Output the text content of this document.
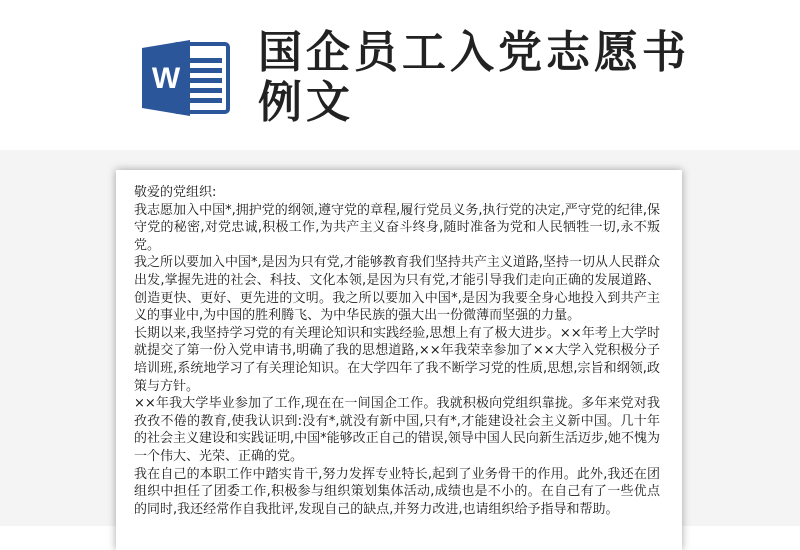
W
国企员工入党志愿书例文

敬爱的党组织:

我志愿加入中国*,拥护党的纲领,遵守党的章程,履行党员义务,执行党的决定,严守党的纪律,保守党的秘密,对党忠诚,积极工作,为共产主义奋斗终身,随时准备为党和人民牺牲一切,永不叛党。

我之所以要加入中国*,是因为只有党,才能够教育我们坚持共产主义道路,坚持一切从人民群众出发,掌握先进的社会、科技、文化本领,是因为只有党,才能引导我们走向正确的发展道路、创造更快、更好、更先进的文明。我之所以要加入中国*,是因为我要全身心地投入到共产主义的事业中,为中国的胜利腾飞、为中华民族的强大出一份微薄而坚强的力量。

长期以来,我坚持学习党的有关理论知识和实践经验,思想上有了极大进步。××年考上大学时就提交了第一份入党申请书,明确了我的思想道路,××年我荣幸参加了××大学入党积极分子培训班,系统地学习了有关理论知识。在大学四年了我不断学习党的性质,思想,宗旨和纲领,政策与方针。

××年我大学毕业参加了工作,现在在一间国企工作。我就积极向党组织靠拢。多年来党对我孜孜不倦的教育,使我认识到:没有*,就没有新中国,只有*,才能建设社会主义新中国。几十年的社会主义建设和实践证明,中国*能够改正自己的错误,领导中国人民向新生活迈步,她不愧为一个伟大、光荣、正确的党。

我在自己的本职工作中踏实肯干,努力发挥专业特长,起到了业务骨干的作用。此外,我还在团组织中担任了团委工作,积极参与组织策划集体活动,成绩也是不小的。在自己有了一些优点的同时,我还经常作自我批评,发现自己的缺点,并努力改进,也请组织给予指导和帮助。
